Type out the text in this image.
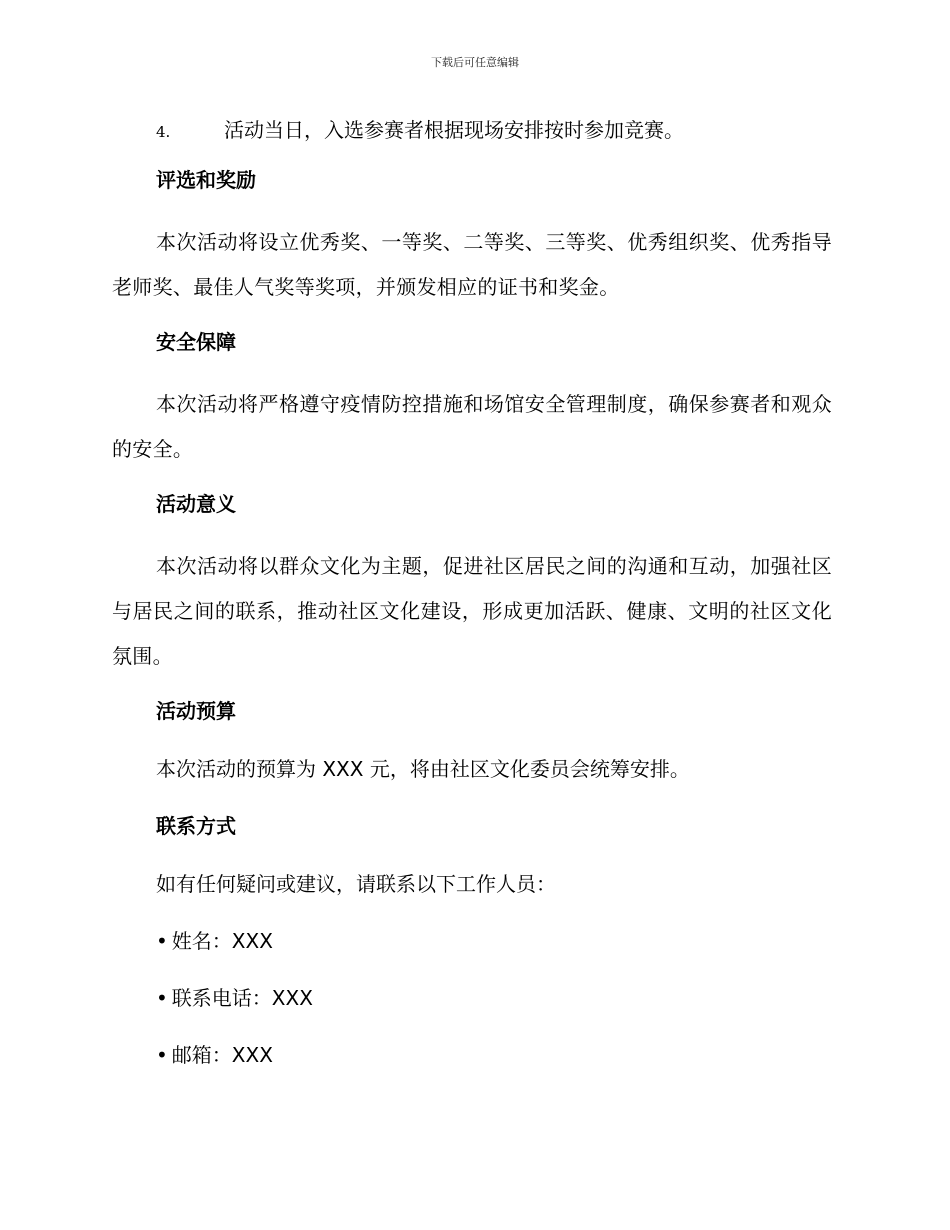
下载后可任意编辑

4.	活动当日，入选参赛者根据现场安排按时参加竞赛。

评选和奖励

本次活动将设立优秀奖、一等奖、二等奖、三等奖、优秀组织奖、优秀指导老师奖、最佳人气奖等奖项，并颁发相应的证书和奖金。

安全保障

本次活动将严格遵守疫情防控措施和场馆安全管理制度，确保参赛者和观众的安全。

活动意义

本次活动将以群众文化为主题，促进社区居民之间的沟通和互动，加强社区与居民之间的联系，推动社区文化建设，形成更加活跃、健康、文明的社区文化氛围。

活动预算

本次活动的预算为 XXX 元，将由社区文化委员会统筹安排。

联系方式

如有任何疑问或建议，请联系以下工作人员：

• 姓名：XXX

• 联系电话：XXX

• 邮箱：XXX
